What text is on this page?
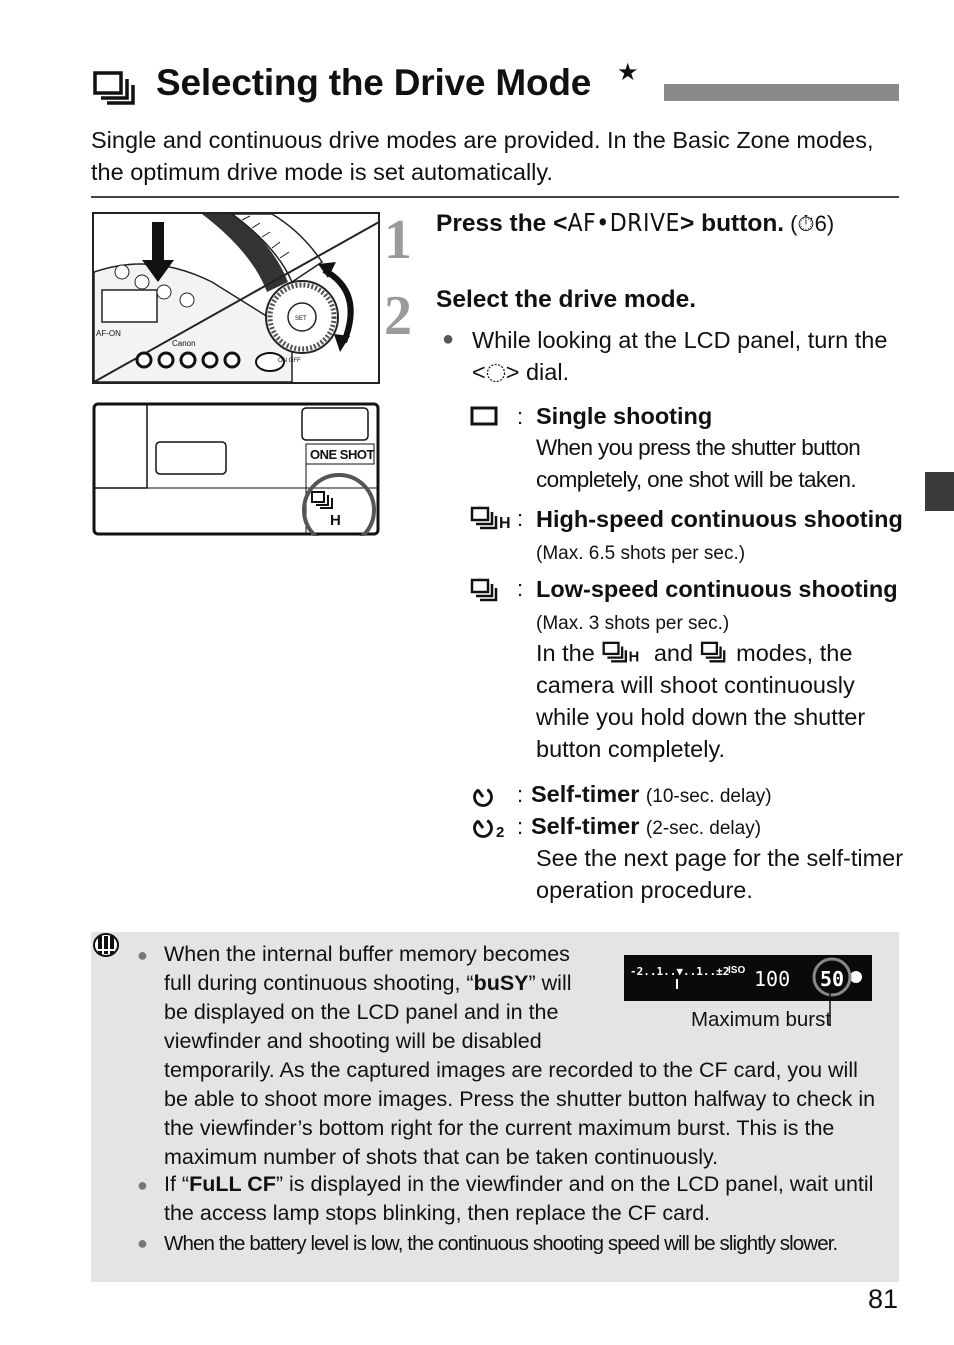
Selecting the Drive Mode ★

Single and continuous drive modes are provided. In the Basic Zone modes, the optimum drive mode is set automatically.

Canon
AF-ON
ON OFF
SET
ONE SHOT
H
1 Press the <AF•DRIVE> button. (⏱6)
2 Select the drive mode.
● While looking at the LCD panel, turn the < > dial.
: Single shooting
When you press the shutter button completely, one shot will be taken.
H : High-speed continuous shooting (Max. 6.5 shots per sec.)
: Low-speed continuous shooting (Max. 3 shots per sec.)
In the H and modes, the camera will shoot continuously while you hold down the shutter button completely.
: Self-timer (10-sec. delay)
2 : Self-timer (2-sec. delay)
See the next page for the self-timer operation procedure.
● When the internal buffer memory becomes
full during continuous shooting, “buSY” will
be displayed on the LCD panel and in the
viewfinder and shooting will be disabled
temporarily. As the captured images are recorded to the CF card, you will be able to shoot more images. Press the shutter button halfway to check in the viewfinder’s bottom right for the current maximum burst. This is the maximum number of shots that can be taken continuously.
● If “FuLL CF” is displayed in the viewfinder and on the LCD panel, wait until the access lamp stops blinking, then replace the CF card.
● When the battery level is low, the continuous shooting speed will be slightly slower.
-2..1..▼..1..±2
ISO 100 50
Maximum burst
81
